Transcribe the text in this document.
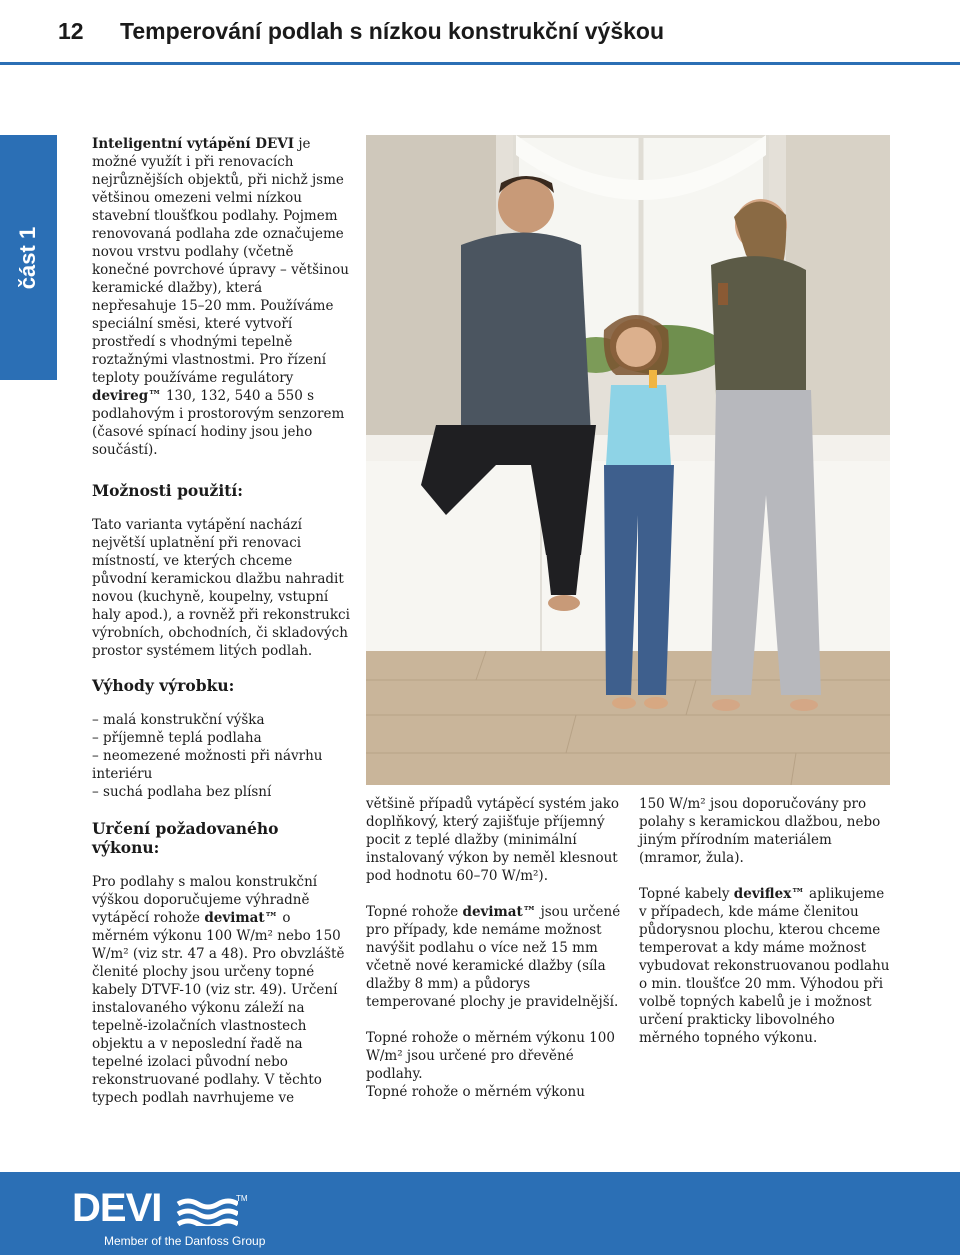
12	Temperování podlah s nízkou konstrukční výškou
část 1

Inteligentní vytápění DEVI je možné využít i při renovacích nejrůznějších objektů, při nichž jsme většinou omezeni velmi nízkou stavební tloušťkou podlahy. Pojmem renovovaná podlaha zde označujeme novou vrstvu podlahy (včetně konečné povrchové úpravy – většinou keramické dlažby), která nepřesahuje 15–20 mm. Používáme speciální směsi, které vytvoří prostředí s vhodnými tepelně roztažnými vlastnostmi. Pro řízení teploty používáme regulátory devireg™ 130, 132, 540 a 550 s podlahovým i prostorovým senzorem (časové spínací hodiny jsou jeho součástí).

Možnosti použití:

Tato varianta vytápění nachází největší uplatnění při renovaci místností, ve kterých chceme původní keramickou dlažbu nahradit novou (kuchyně, koupelny, vstupní haly apod.), a rovněž při rekonstrukci výrobních, obchodních, či skladových prostor systémem litých podlah.

Výhody výrobku:
– malá konstrukční výška
– příjemně teplá podlaha
– neomezené možnosti při návrhu
interiéru
– suchá podlaha bez plísní
Určení požadovaného výkonu:

Pro podlahy s malou konstrukční výškou doporučujeme výhradně vytápěcí rohože devimat™ o měrném výkonu 100 W/m² nebo 150 W/m² (viz str. 47 a 48). Pro obvzláště členité plochy jsou určeny topné kabely DTVF-10 (viz str. 49). Určení instalovaného výkonu záleží na tepelně-izolačních vlastnostech objektu a v neposlední řadě na tepelné izolaci původní nebo rekonstruované podlahy. V těchto typech podlah navrhujeme ve

většině případů vytápěcí systém jako doplňkový, který zajišťuje příjemný pocit z teplé dlažby (minimální instalovaný výkon by neměl klesnout pod hodnotu 60–70 W/m²).

Topné rohože devimat™ jsou určené pro případy, kde nemáme možnost navýšit podlahu o více než 15 mm včetně nové keramické dlažby (síla dlažby 8 mm) a půdorys temperované plochy je pravidelnější.

Topné rohože o měrném výkonu 100 W/m² jsou určené pro dřevěné podlahy.

Topné rohože o měrném výkonu

150 W/m² jsou doporučovány pro polahy s keramickou dlažbou, nebo jiným přírodním materiálem (mramor, žula).

Topné kabely deviflex™ aplikujeme v případech, kde máme členitou půdorysnou plochu, kterou chceme temperovat a kdy máme možnost vybudovat rekonstruovanou podlahu o min. tloušťce 20 mm. Výhodou při volbě topných kabelů je i možnost určení prakticky libovolného měrného topného výkonu.

DEVI	TM
Member of the Danfoss Group
